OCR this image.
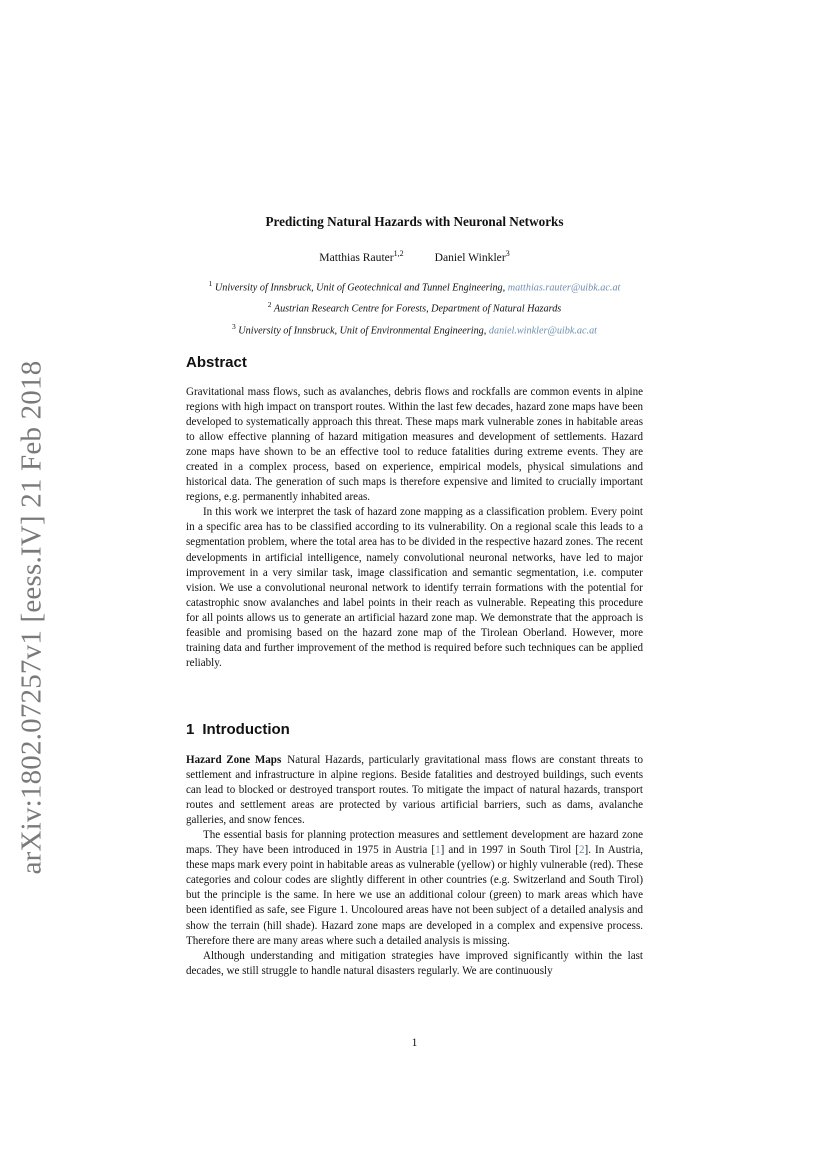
arXiv:1802.07257v1 [eess.IV] 21 Feb 2018
Predicting Natural Hazards with Neuronal Networks
Matthias Rauter$^{1,2}$	Daniel Winkler$^3$
$^1$ University of Innsbruck, Unit of Geotechnical and Tunnel Engineering, matthias.rauter@uibk.ac.at
$^2$ Austrian Research Centre for Forests, Department of Natural Hazards
$^3$ University of Innsbruck, Unit of Environmental Engineering, daniel.winkler@uibk.ac.at
Abstract

Gravitational mass flows, such as avalanches, debris flows and rockfalls are common events in alpine regions with high impact on transport routes. Within the last few decades, hazard zone maps have been developed to systematically approach this threat. These maps mark vulnerable zones in habitable areas to allow effective planning of hazard mitigation measures and development of settlements. Hazard zone maps have shown to be an effective tool to reduce fatalities during extreme events. They are created in a complex process, based on experience, empirical models, physical simulations and historical data. The generation of such maps is therefore expensive and limited to crucially important regions, e.g. permanently inhabited areas.

In this work we interpret the task of hazard zone mapping as a classification problem. Every point in a specific area has to be classified according to its vulnerability. On a regional scale this leads to a segmentation problem, where the total area has to be divided in the respective hazard zones. The recent developments in artificial intelligence, namely convolutional neuronal networks, have led to major improvement in a very similar task, image classification and semantic segmentation, i.e. computer vision. We use a convolutional neuronal network to identify terrain formations with the potential for catastrophic snow avalanches and label points in their reach as vulnerable. Repeating this procedure for all points allows us to generate an artificial hazard zone map. We demonstrate that the approach is feasible and promising based on the hazard zone map of the Tirolean Oberland. However, more training data and further improvement of the method is required before such techniques can be applied reliably.

1 Introduction

Hazard Zone Maps Natural Hazards, particularly gravitational mass flows are constant threats to settlement and infrastructure in alpine regions. Beside fatalities and destroyed buildings, such events can lead to blocked or destroyed transport routes. To mitigate the impact of natural hazards, transport routes and settlement areas are protected by various artificial barriers, such as dams, avalanche galleries, and snow fences.

The essential basis for planning protection measures and settlement development are hazard zone maps. They have been introduced in 1975 in Austria [1] and in 1997 in South Tirol [2]. In Austria, these maps mark every point in habitable areas as vulnerable (yellow) or highly vulnerable (red). These categories and colour codes are slightly different in other countries (e.g. Switzerland and South Tirol) but the principle is the same. In here we use an additional colour (green) to mark areas which have been identified as safe, see Figure 1. Uncoloured areas have not been subject of a detailed analysis and show the terrain (hill shade). Hazard zone maps are developed in a complex and expensive process. Therefore there are many areas where such a detailed analysis is missing.

Although understanding and mitigation strategies have improved significantly within the last decades, we still struggle to handle natural disasters regularly. We are continuously

1
